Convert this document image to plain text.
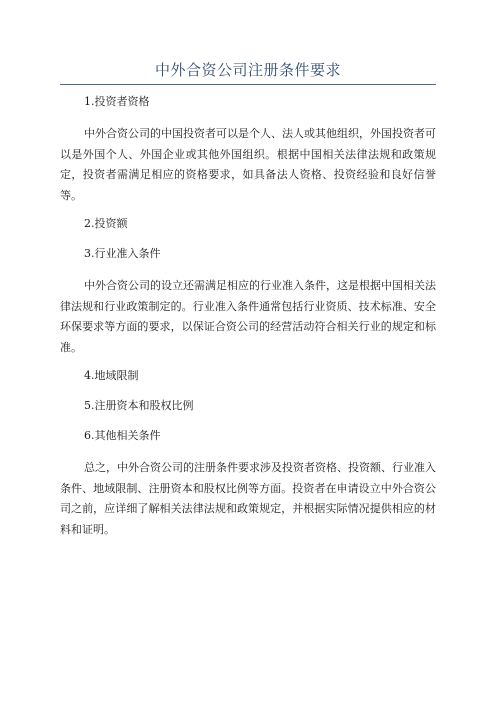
中外合资公司注册条件要求
1.投资者资格
中外合资公司的中国投资者可以是个人、法人或其他组织，外国投资者可以是外国个人、外国企业或其他外国组织。根据中国相关法律法规和政策规定，投资者需满足相应的资格要求，如具备法人资格、投资经验和良好信誉等。
2.投资额
3.行业准入条件
中外合资公司的设立还需满足相应的行业准入条件，这是根据中国相关法律法规和行业政策制定的。行业准入条件通常包括行业资质、技术标准、安全环保要求等方面的要求，以保证合资公司的经营活动符合相关行业的规定和标准。
4.地域限制
5.注册资本和股权比例
6.其他相关条件
总之，中外合资公司的注册条件要求涉及投资者资格、投资额、行业准入条件、地域限制、注册资本和股权比例等方面。投资者在申请设立中外合资公司之前，应详细了解相关法律法规和政策规定，并根据实际情况提供相应的材料和证明。
